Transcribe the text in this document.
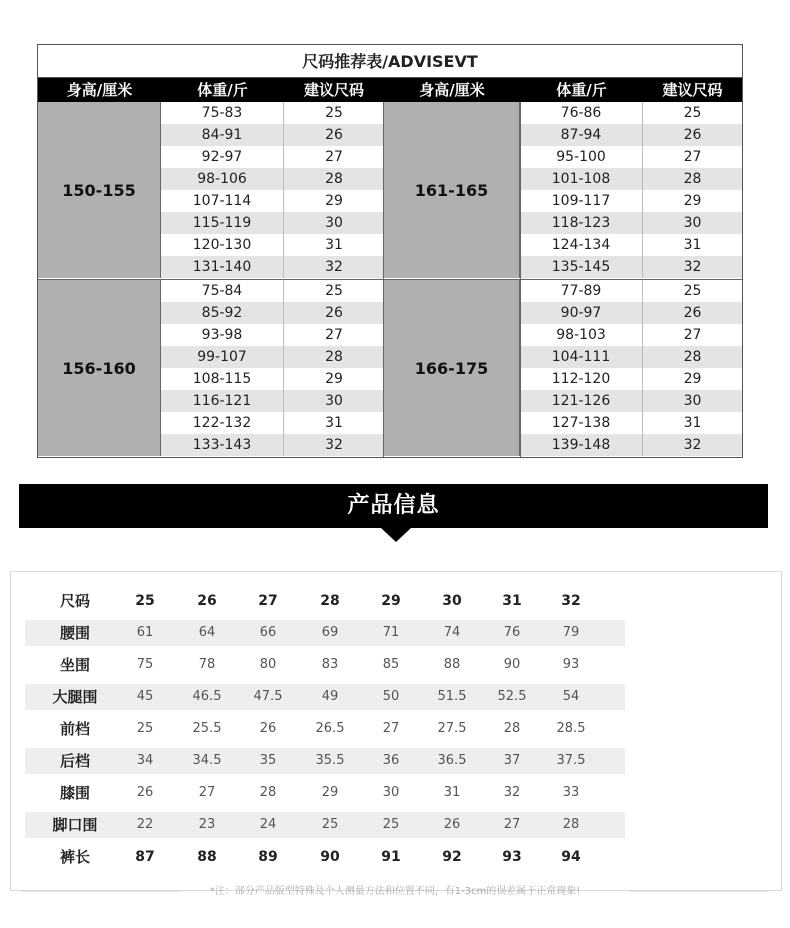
尺码推荐表/ADVISEVT
身高/厘米	体重/斤	建议尺码	身高/厘米	体重/斤	建议尺码
150-155
75-83	25
84-91	26
92-97	27
98-106	28
107-114	29
115-119	30
120-130	31
131-140	32
161-165
76-86	25
87-94	26
95-100	27
101-108	28
109-117	29
118-123	30
124-134	31
135-145	32
156-160
75-84	25
85-92	26
93-98	27
99-107	28
108-115	29
116-121	30
122-132	31
133-143	32
166-175
77-89	25
90-97	26
98-103	27
104-111	28
112-120	29
121-126	30
127-138	31
139-148	32
产品信息
尺码	25	26	27	28	29	30	31	32
腰围	61	64	66	69	71	74	76	79
坐围	75	78	80	83	85	88	90	93
大腿围	45	46.5	47.5	49	50	51.5	52.5	54
前档	25	25.5	26	26.5	27	27.5	28	28.5
后档	34	34.5	35	35.5	36	36.5	37	37.5
膝围	26	27	28	29	30	31	32	33
脚口围	22	23	24	25	25	26	27	28
裤长	87	88	89	90	91	92	93	94
*注：部分产品版型特殊及个人测量方法和位置不同，有1-3cm的误差属于正常现象!
